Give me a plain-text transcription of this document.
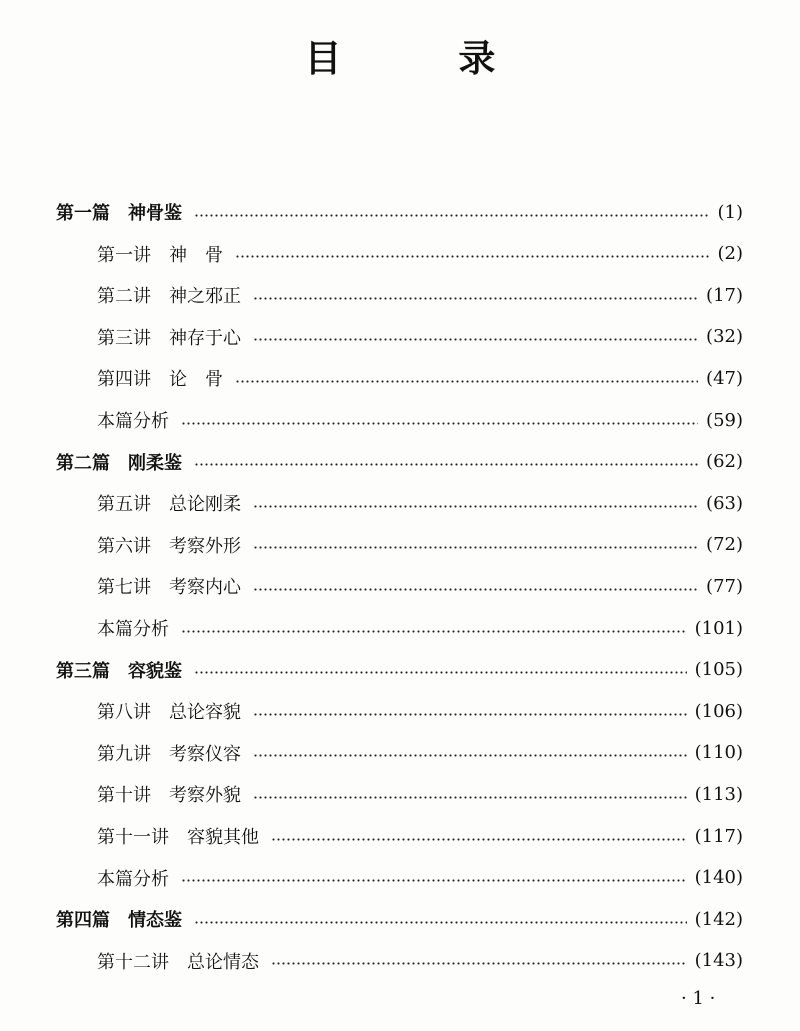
目 录
第一篇　神骨鉴	(1)
第一讲　神　骨	(2)
第二讲　神之邪正	(17)
第三讲　神存于心	(32)
第四讲　论　骨	(47)
本篇分析	(59)
第二篇　刚柔鉴	(62)
第五讲　总论刚柔	(63)
第六讲　考察外形	(72)
第七讲　考察内心	(77)
本篇分析	(101)
第三篇　容貌鉴	(105)
第八讲　总论容貌	(106)
第九讲　考察仪容	(110)
第十讲　考察外貌	(113)
第十一讲　容貌其他	(117)
本篇分析	(140)
第四篇　情态鉴	(142)
第十二讲　总论情态	(143)
· 1 ·
